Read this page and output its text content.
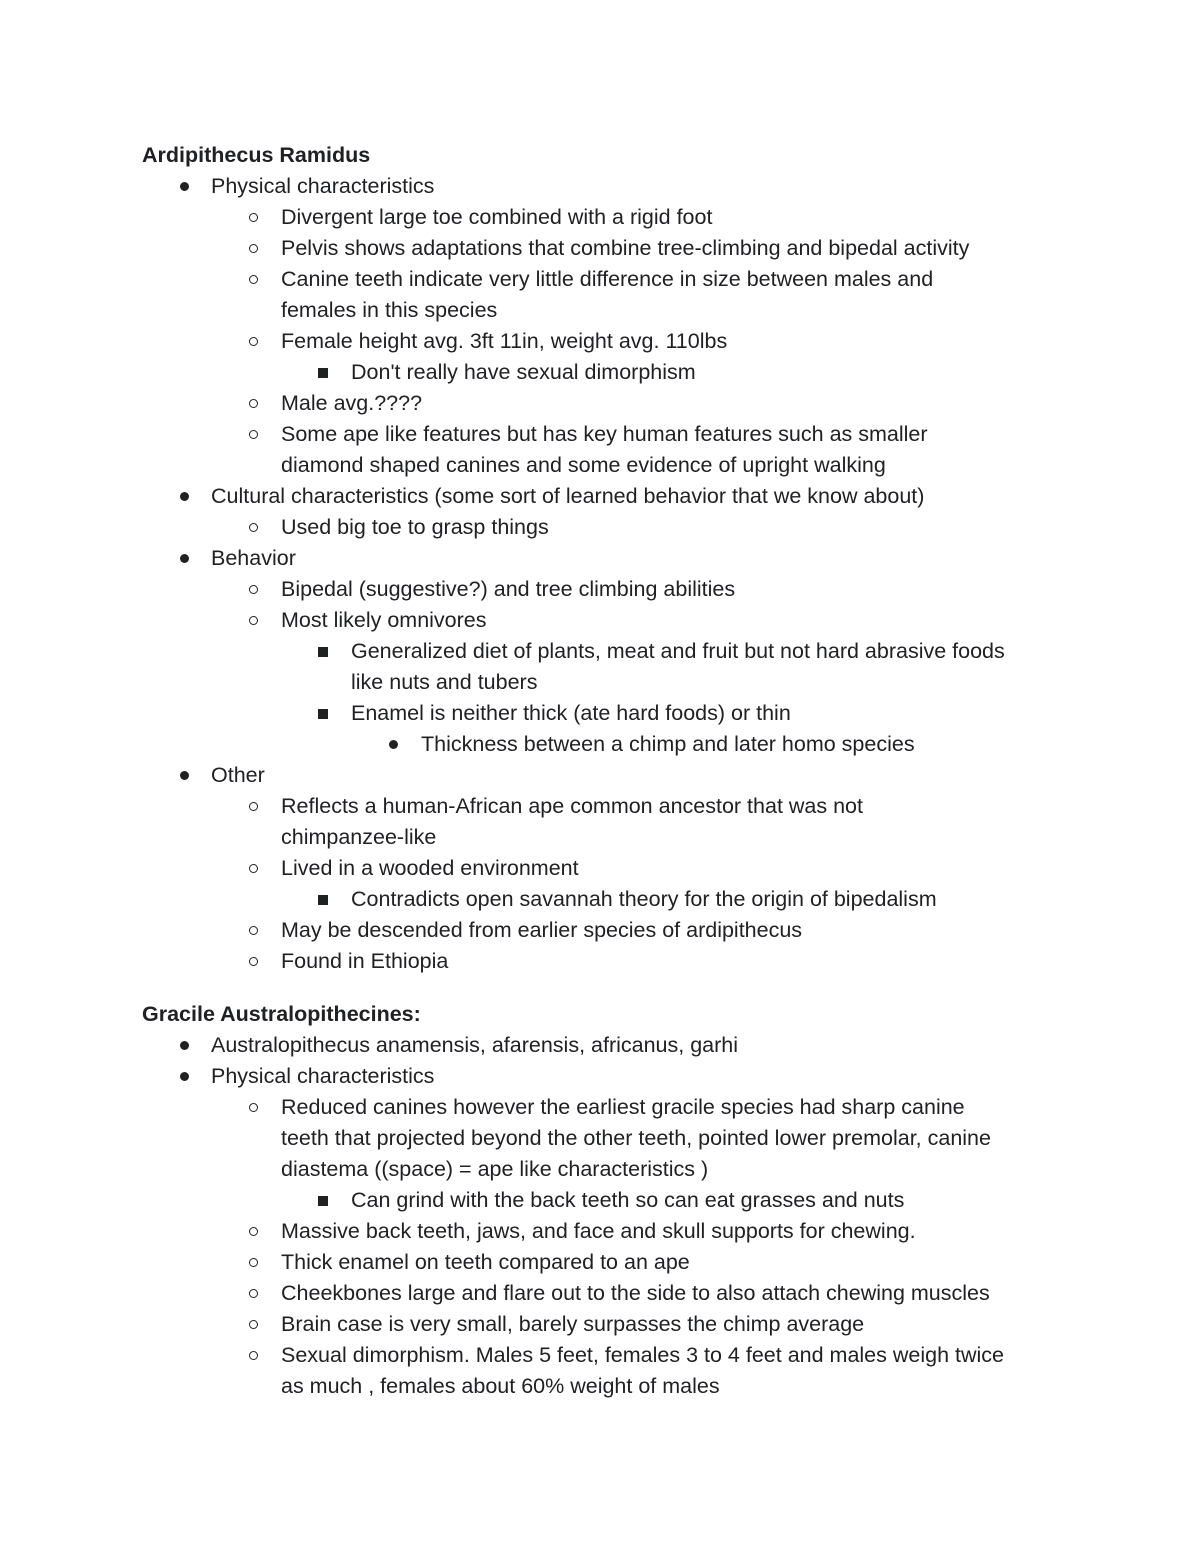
Ardipithecus Ramidus
Physical characteristics
Divergent large toe combined with a rigid foot
Pelvis shows adaptations that combine tree-climbing and bipedal activity
Canine teeth indicate very little difference in size between males and females in this species
Female height avg. 3ft 11in, weight avg. 110lbs
Don't really have sexual dimorphism
Male avg.????
Some ape like features but has key human features such as smaller diamond shaped canines and some evidence of upright walking
Cultural characteristics (some sort of learned behavior that we know about)
Used big toe to grasp things
Behavior
Bipedal (suggestive?) and tree climbing abilities
Most likely omnivores
Generalized diet of plants, meat and fruit but not hard abrasive foods like nuts and tubers
Enamel is neither thick (ate hard foods) or thin
Thickness between a chimp and later homo species
Other
Reflects a human-African ape common ancestor that was not chimpanzee-like
Lived in a wooded environment
Contradicts open savannah theory for the origin of bipedalism
May be descended from earlier species of ardipithecus
Found in Ethiopia
Gracile Australopithecines:
Australopithecus anamensis, afarensis, africanus, garhi
Physical characteristics
Reduced canines however the earliest gracile species had sharp canine teeth that projected beyond the other teeth, pointed lower premolar, canine diastema ((space) = ape like characteristics )
Can grind with the back teeth so can eat grasses and nuts
Massive back teeth, jaws, and face and skull supports for chewing.
Thick enamel on teeth compared to an ape
Cheekbones large and flare out to the side to also attach chewing muscles
Brain case is very small, barely surpasses the chimp average
Sexual dimorphism. Males 5 feet, females 3 to 4 feet and males weigh twice as much , females about 60% weight of males
